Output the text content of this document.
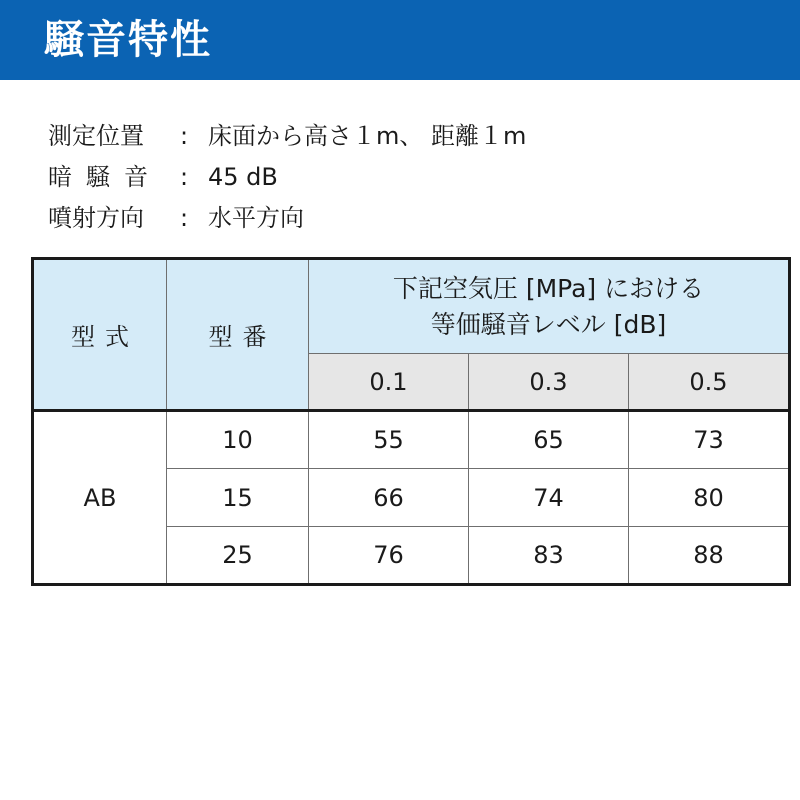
騒音特性
測定位置	: 床面から高さ１m、 距離１m
暗騒音 : 45 dB
噴射方向	: 水平方向
型式	型番	下記空気圧 [MPa] における
等価騒音レベル [dB]		

		0.1	0.3	0.5
AB	10	55	65	73
	15	66	74	80
	25	76	83	88
